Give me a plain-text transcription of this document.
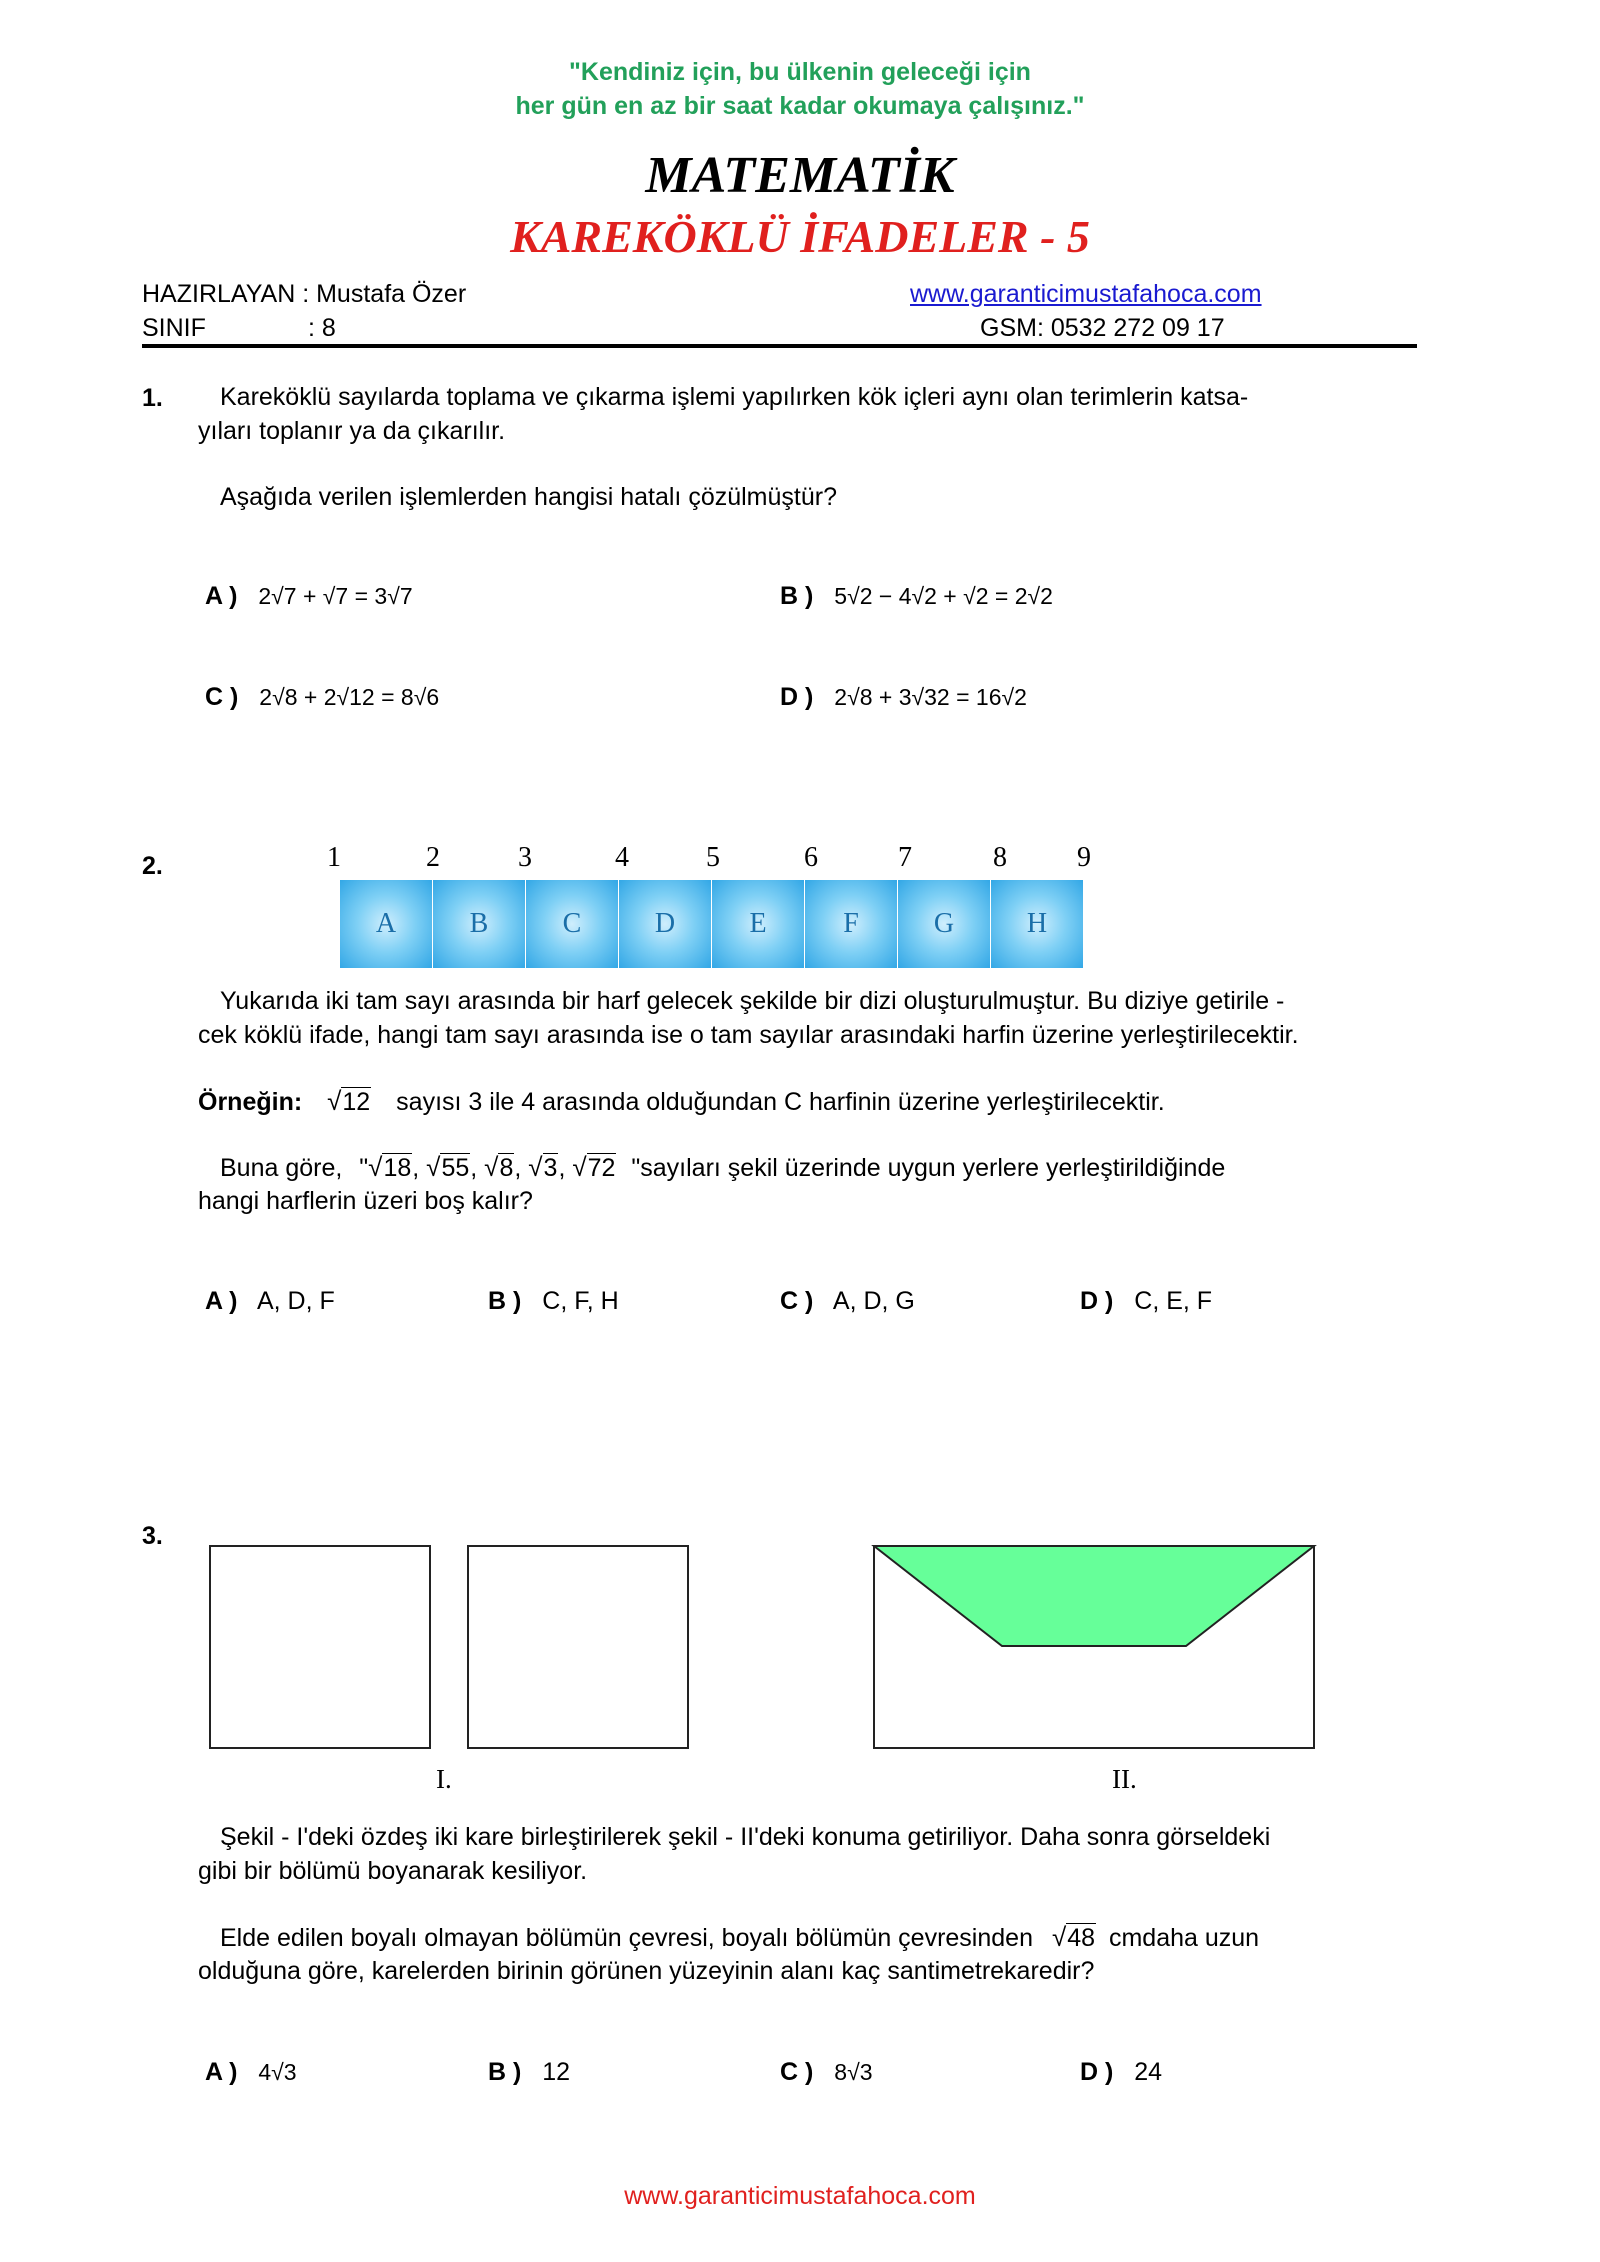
"Kendiniz için, bu ülkenin geleceği için
her gün en az bir saat kadar okumaya çalışınız."
MATEMATİK
KAREKÖKLÜ İFADELER - 5
HAZIRLAYAN : Mustafa Özer
SINIF	: 8
www.garanticimustafahoca.com
GSM: 0532 272 09 17
1. Kareköklü sayılarda toplama ve çıkarma işlemi yapılırken kök içleri aynı olan terimlerin katsa-
yıları toplanır ya da çıkarılır.
Aşağıda verilen işlemlerden hangisi hatalı çözülmüştür?
A ) 2√7 + √7 = 3√7	B ) 5√2 − 4√2 + √2 = 2√2
C ) 2√8 + 2√12 = 8√6	D ) 2√8 + 3√32 = 16√2
2.	1	2	3	4	5	6	7	8	9
A	B	C	D	E	F	G	H
Yukarıda iki tam sayı arasında bir harf gelecek şekilde bir dizi oluşturulmuştur. Bu diziye getirile -
cek köklü ifade, hangi tam sayı arasında ise o tam sayılar arasındaki harfin üzerine yerleştirilecektir.
Örneğin: √12 sayısı 3 ile 4 arasında olduğundan C harfinin üzerine yerleştirilecektir.
Buna göre, "√18, √55, √8, √3, √72 "sayıları şekil üzerinde uygun yerlere yerleştirildiğinde
hangi harflerin üzeri boş kalır?
A ) A, D, F	B ) C, F, H	C ) A, D, G	D ) C, E, F
3.
I.	II.
Şekil - I'deki özdeş iki kare birleştirilerek şekil - II'deki konuma getiriliyor. Daha sonra görseldeki
gibi bir bölümü boyanarak kesiliyor.
Elde edilen boyalı olmayan bölümün çevresi, boyalı bölümün çevresinden √48 cmdaha uzun
olduğuna göre, karelerden birinin görünen yüzeyinin alanı kaç santimetrekaredir?
A ) 4√3	B ) 12	C ) 8√3	D ) 24
www.garanticimustafahoca.com
